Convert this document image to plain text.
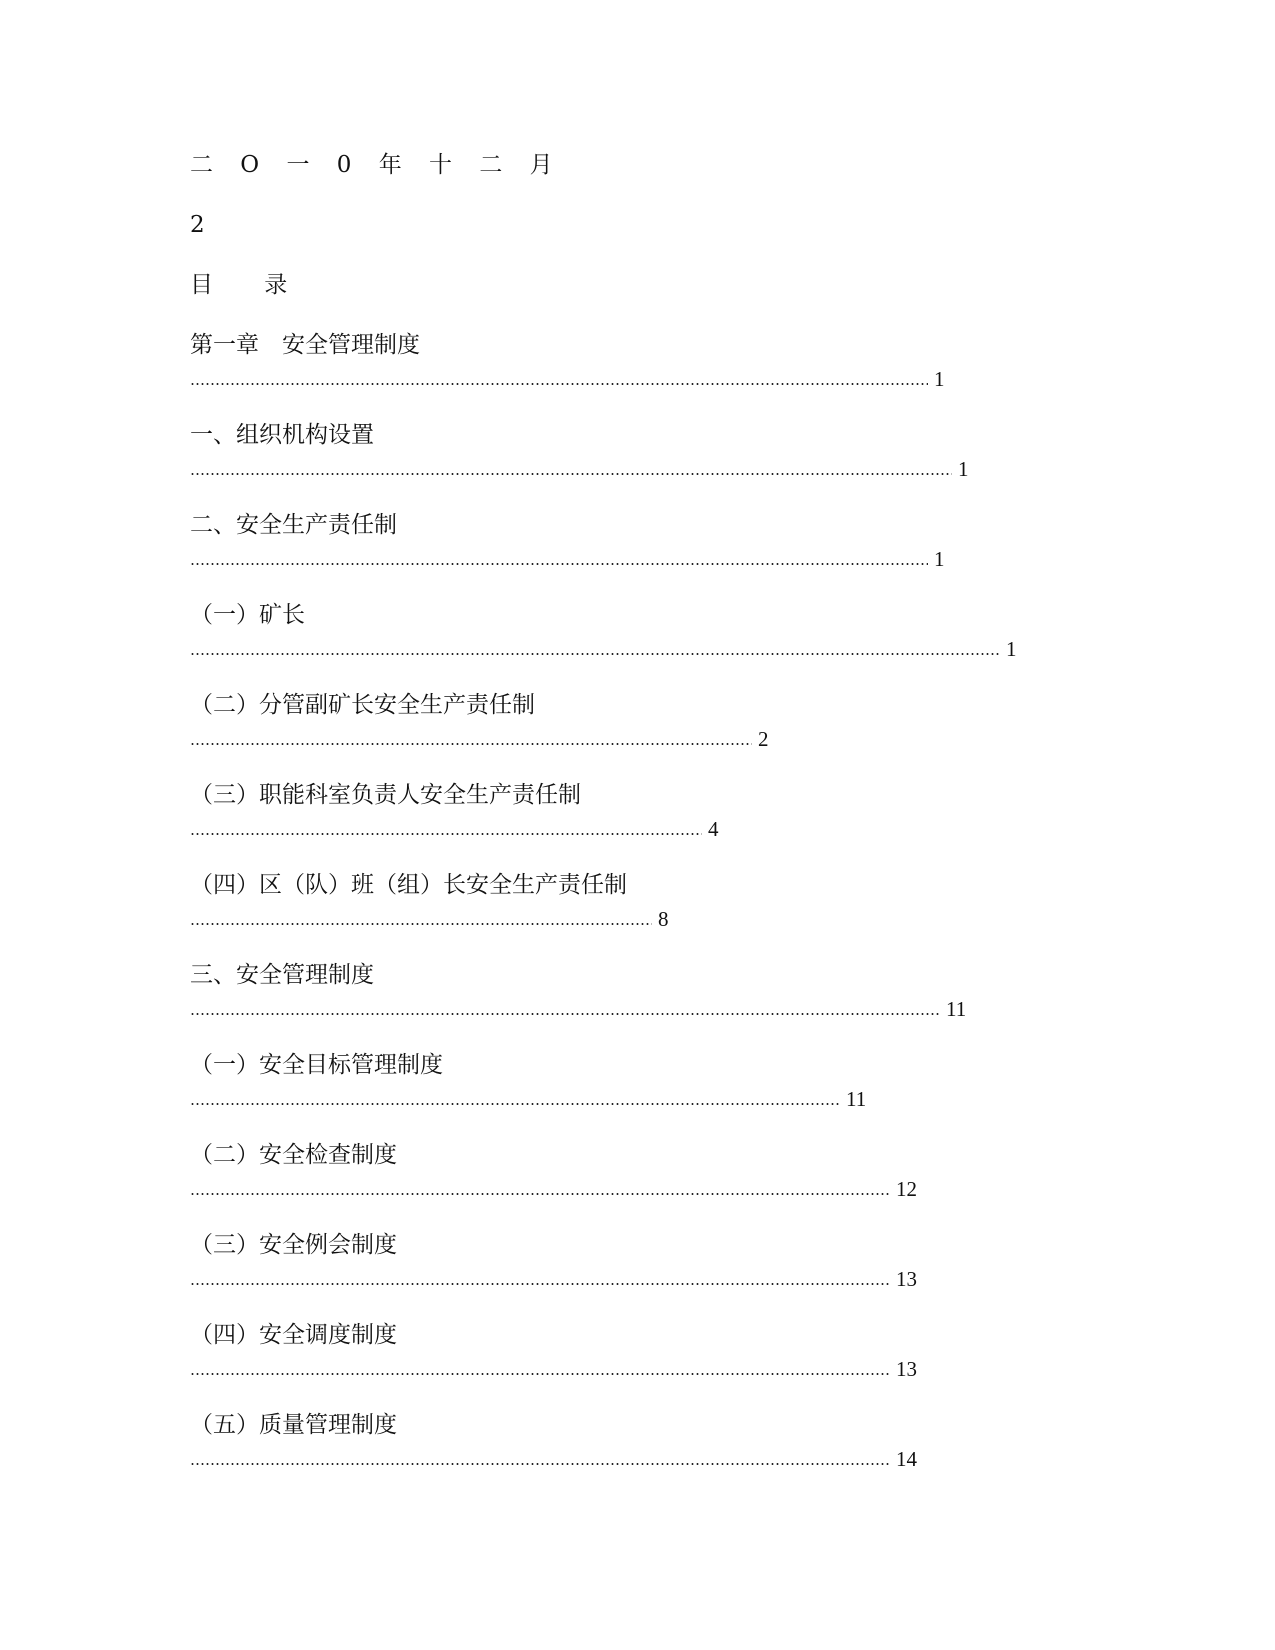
二 O 一 0 年 十 二 月
2
目 录
第一章　安全管理制度
1
一、组织机构设置
1
二、安全生产责任制
1
（一）矿长
1
（二）分管副矿长安全生产责任制
2
（三）职能科室负责人安全生产责任制
4
（四）区（队）班（组）长安全生产责任制
8
三、安全管理制度
11
（一）安全目标管理制度
11
（二）安全检查制度
12
（三）安全例会制度
13
（四）安全调度制度
13
（五）质量管理制度
14
